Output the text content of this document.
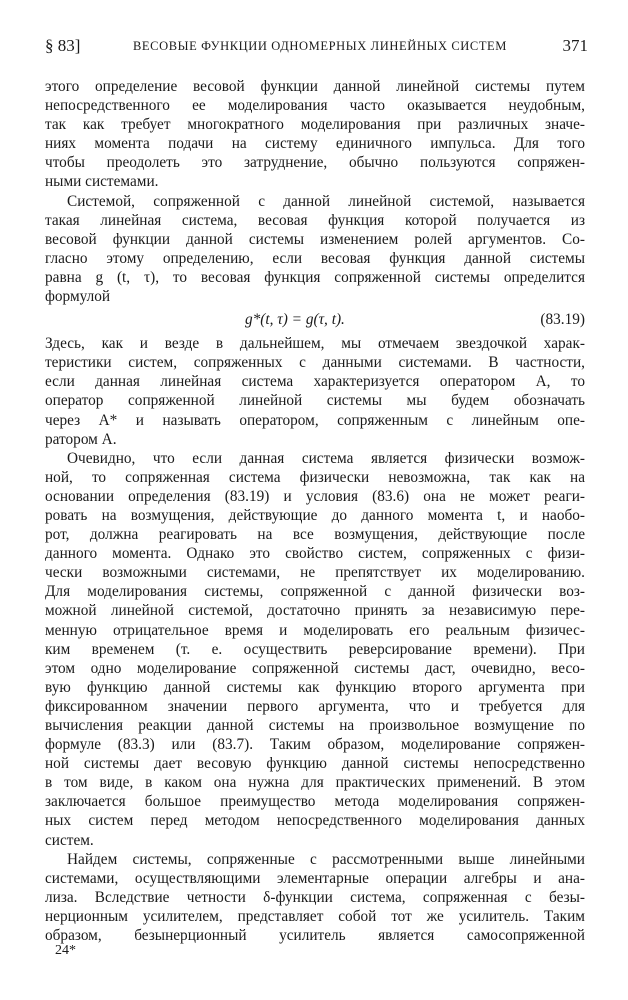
§ 83]	ВЕСОВЫЕ ФУНКЦИИ ОДНОМЕРНЫХ ЛИНЕЙНЫХ СИСТЕМ	371
этого определение весовой функции данной линейной системы путем
непосредственного ее моделирования часто оказывается неудобным,
так как требует многократного моделирования при различных значе-
ниях момента подачи на систему единичного импульса. Для того
чтобы преодолеть это затруднение, обычно пользуются сопряжен-
ными системами.
Системой, сопряженной с данной линейной системой, называется
такая линейная система, весовая функция которой получается из
весовой функции данной системы изменением ролей аргументов. Со-
гласно этому определению, если весовая функция данной системы
равна g (t, τ), то весовая функция сопряженной системы определится
формулой
g*(t, τ) = g(τ, t).	(83.19)
Здесь, как и везде в дальнейшем, мы отмечаем звездочкой харак-
теристики систем, сопряженных с данными системами. В частности,
если данная линейная система характеризуется оператором A, то
оператор сопряженной линейной системы мы будем обозначать
через A* и называть оператором, сопряженным с линейным опе-
ратором A.
Очевидно, что если данная система является физически возмож-
ной, то сопряженная система физически невозможна, так как на
основании определения (83.19) и условия (83.6) она не может реаги-
ровать на возмущения, действующие до данного момента t, и наобо-
рот, должна реагировать на все возмущения, действующие после
данного момента. Однако это свойство систем, сопряженных с физи-
чески возможными системами, не препятствует их моделированию.
Для моделирования системы, сопряженной с данной физически воз-
можной линейной системой, достаточно принять за независимую пере-
менную отрицательное время и моделировать его реальным физичес-
ким временем (т. е. осуществить реверсирование времени). При
этом одно моделирование сопряженной системы даст, очевидно, весо-
вую функцию данной системы как функцию второго аргумента при
фиксированном значении первого аргумента, что и требуется для
вычисления реакции данной системы на произвольное возмущение по
формуле (83.3) или (83.7). Таким образом, моделирование сопряжен-
ной системы дает весовую функцию данной системы непосредственно
в том виде, в каком она нужна для практических применений. В этом
заключается большое преимущество метода моделирования сопряжен-
ных систем перед методом непосредственного моделирования данных
систем.
Найдем системы, сопряженные с рассмотренными выше линейными
системами, осуществляющими элементарные операции алгебры и ана-
лиза. Вследствие четности δ-функции система, сопряженная с безы-
нерционным усилителем, представляет собой тот же усилитель. Таким
образом, безынерционный усилитель является самосопряженной
24*
